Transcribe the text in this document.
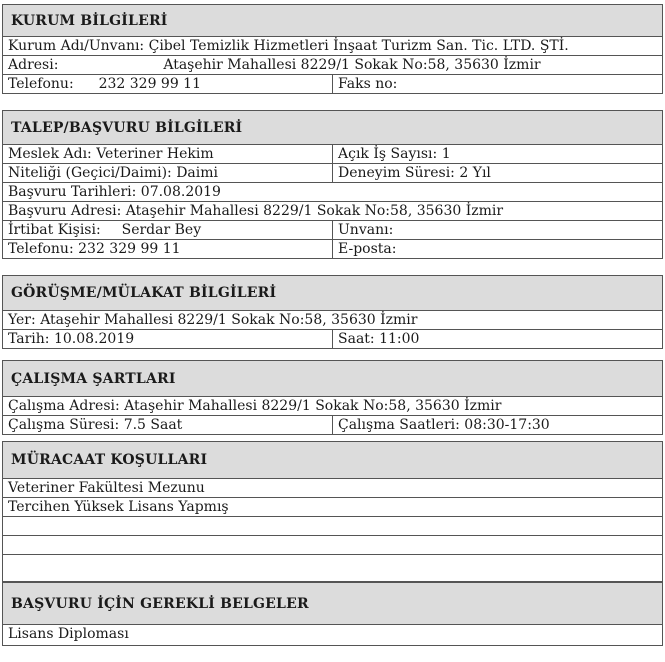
KURUM BİLGİLERİ
Kurum Adı/Unvanı: Çibel Temizlik Hizmetleri İnşaat Turizm San. Tic. LTD. ŞTİ.
Adresi:	Ataşehir Mahallesi 8229/1 Sokak No:58, 35630 İzmir
Telefonu: 232 329 99 11	Faks no:
TALEP/BAŞVURU BİLGİLERİ
Meslek Adı: Veteriner Hekim	Açık İş Sayısı: 1
Niteliği (Geçici/Daimi): Daimi	Deneyim Süresi: 2 Yıl
Başvuru Tarihleri: 07.08.2019
Başvuru Adresi: Ataşehir Mahallesi 8229/1 Sokak No:58, 35630 İzmir
İrtibat Kişisi: Serdar Bey	Unvanı:
Telefonu: 232 329 99 11	E-posta:
GÖRÜŞME/MÜLAKAT BİLGİLERİ
Yer: Ataşehir Mahallesi 8229/1 Sokak No:58, 35630 İzmir
Tarih: 10.08.2019	Saat: 11:00
ÇALIŞMA ŞARTLARI
Çalışma Adresi: Ataşehir Mahallesi 8229/1 Sokak No:58, 35630 İzmir
Çalışma Süresi: 7.5 Saat	Çalışma Saatleri: 08:30-17:30
MÜRACAAT KOŞULLARI
Veteriner Fakültesi Mezunu
Tercihen Yüksek Lisans Yapmış
BAŞVURU İÇİN GEREKLİ BELGELER
Lisans Diploması
